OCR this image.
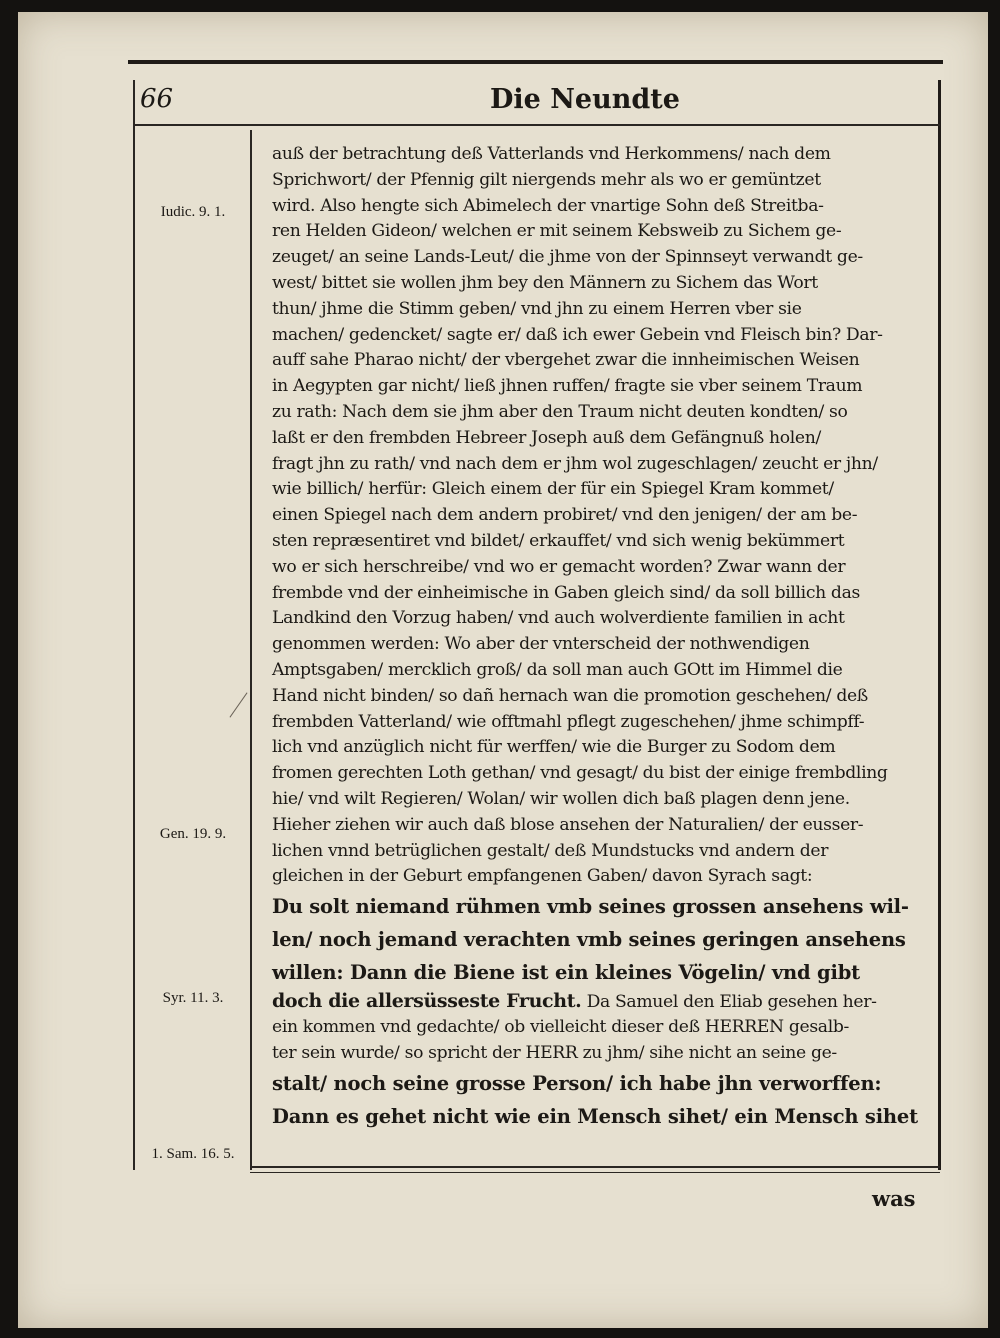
66	Die Neundte
Iudic. 9. 1.
Gen. 19. 9.
Syr. 11. 3.
1. Sam. 16. 5.
auß der betrachtung deß Vatterlands vnd Herkommens/ nach dem
Sprichwort/ der Pfennig gilt niergends mehr als wo er gemüntzet
wird. Also hengte sich Abimelech der vnartige Sohn deß Streitba-
ren Helden Gideon/ welchen er mit seinem Kebsweib zu Sichem ge-
zeuget/ an seine Lands-Leut/ die jhme von der Spinnseyt verwandt ge-
west/ bittet sie wollen jhm bey den Männern zu Sichem das Wort
thun/ jhme die Stimm geben/ vnd jhn zu einem Herren vber sie
machen/ gedencket/ sagte er/ daß ich ewer Gebein vnd Fleisch bin? Dar-
auff sahe Pharao nicht/ der vbergehet zwar die innheimischen Weisen
in Aegypten gar nicht/ ließ jhnen ruffen/ fragte sie vber seinem Traum
zu rath: Nach dem sie jhm aber den Traum nicht deuten kondten/ so
laßt er den frembden Hebreer Joseph auß dem Gefängnuß holen/
fragt jhn zu rath/ vnd nach dem er jhm wol zugeschlagen/ zeucht er jhn/
wie billich/ herfür: Gleich einem der für ein Spiegel Kram kommet/
einen Spiegel nach dem andern probiret/ vnd den jenigen/ der am be-
sten repræsentiret vnd bildet/ erkauffet/ vnd sich wenig bekümmert
wo er sich herschreibe/ vnd wo er gemacht worden? Zwar wann der
frembde vnd der einheimische in Gaben gleich sind/ da soll billich das
Landkind den Vorzug haben/ vnd auch wolverdiente familien in acht
genommen werden: Wo aber der vnterscheid der nothwendigen
Amptsgaben/ mercklich groß/ da soll man auch GOtt im Himmel die
Hand nicht binden/ so dañ hernach wan die promotion geschehen/ deß
frembden Vatterland/ wie offtmahl pflegt zugeschehen/ jhme schimpff-
lich vnd anzüglich nicht für werffen/ wie die Burger zu Sodom dem
fromen gerechten Loth gethan/ vnd gesagt/ du bist der einige frembdling
hie/ vnd wilt Regieren/ Wolan/ wir wollen dich baß plagen denn jene.
Hieher ziehen wir auch daß blose ansehen der Naturalien/ der eusser-
lichen vnnd betrüglichen gestalt/ deß Mundstucks vnd andern der
gleichen in der Geburt empfangenen Gaben/ davon Syrach sagt:
Du solt niemand rühmen vmb seines grossen ansehens wil-
len/ noch jemand verachten vmb seines geringen ansehens
willen: Dann die Biene ist ein kleines Vögelin/ vnd gibt
doch die allersüsseste Frucht. Da Samuel den Eliab gesehen her-
ein kommen vnd gedachte/ ob vielleicht dieser deß HERREN gesalb-
ter sein wurde/ so spricht der HERR zu jhm/ sihe nicht an seine ge-
stalt/ noch seine grosse Person/ ich habe jhn verworffen:
Dann es gehet nicht wie ein Mensch sihet/ ein Mensch sihet
was
